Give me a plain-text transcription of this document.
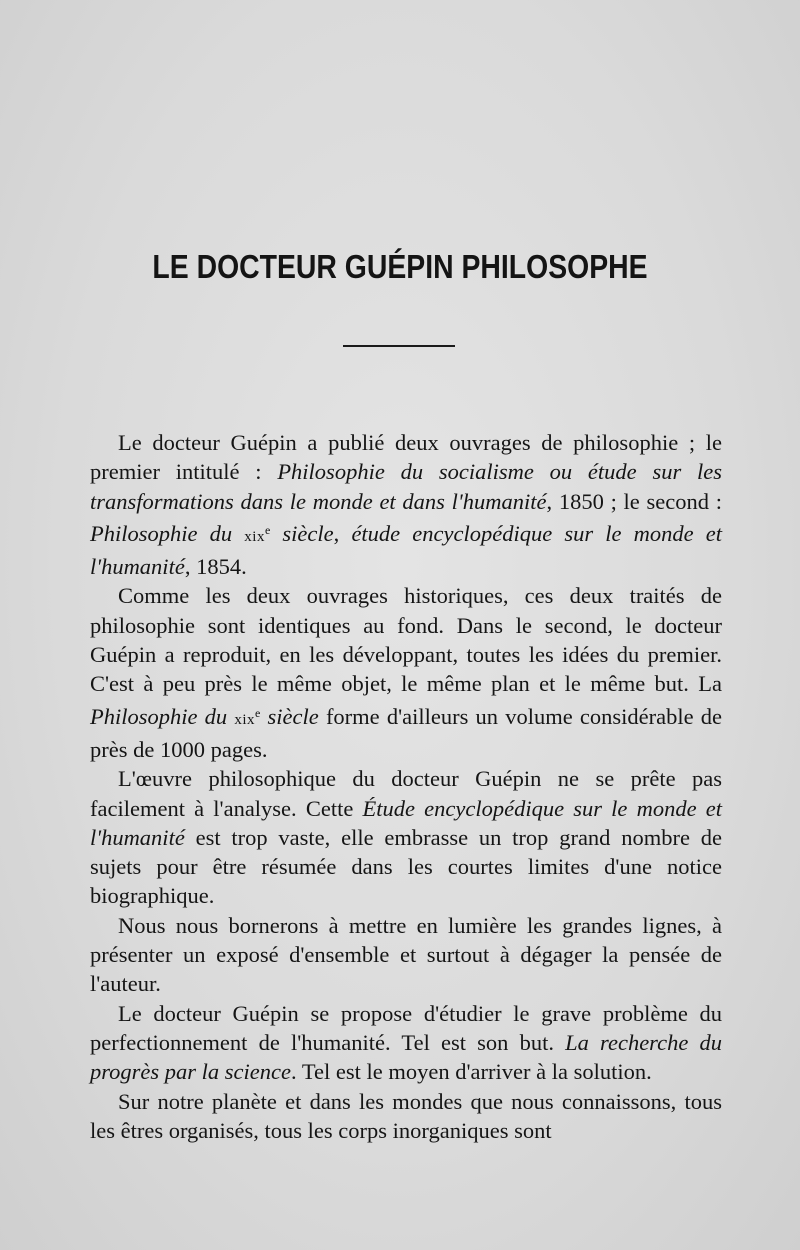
LE DOCTEUR GUÉPIN PHILOSOPHE

Le docteur Guépin a publié deux ouvrages de philosophie ; le premier intitulé : Philosophie du socialisme ou étude sur les transformations dans le monde et dans l'humanité, 1850 ; le second : Philosophie du xix$^e$ siècle, étude encyclopédique sur le monde et l'humanité, 1854.

Comme les deux ouvrages historiques, ces deux traités de philosophie sont identiques au fond. Dans le second, le docteur Guépin a reproduit, en les développant, toutes les idées du premier. C'est à peu près le même objet, le même plan et le même but. La Philosophie du xix$^e$ siècle forme d'ailleurs un volume considérable de près de 1000 pages.

L'œuvre philosophique du docteur Guépin ne se prête pas facilement à l'analyse. Cette Étude encyclopédique sur le monde et l'humanité est trop vaste, elle embrasse un trop grand nombre de sujets pour être résumée dans les courtes limites d'une notice biographique.

Nous nous bornerons à mettre en lumière les grandes lignes, à présenter un exposé d'ensemble et surtout à dégager la pensée de l'auteur.

Le docteur Guépin se propose d'étudier le grave problème du perfectionnement de l'humanité. Tel est son but. La recherche du progrès par la science. Tel est le moyen d'arriver à la solution.

Sur notre planète et dans les mondes que nous connaissons, tous les êtres organisés, tous les corps inorganiques sont
